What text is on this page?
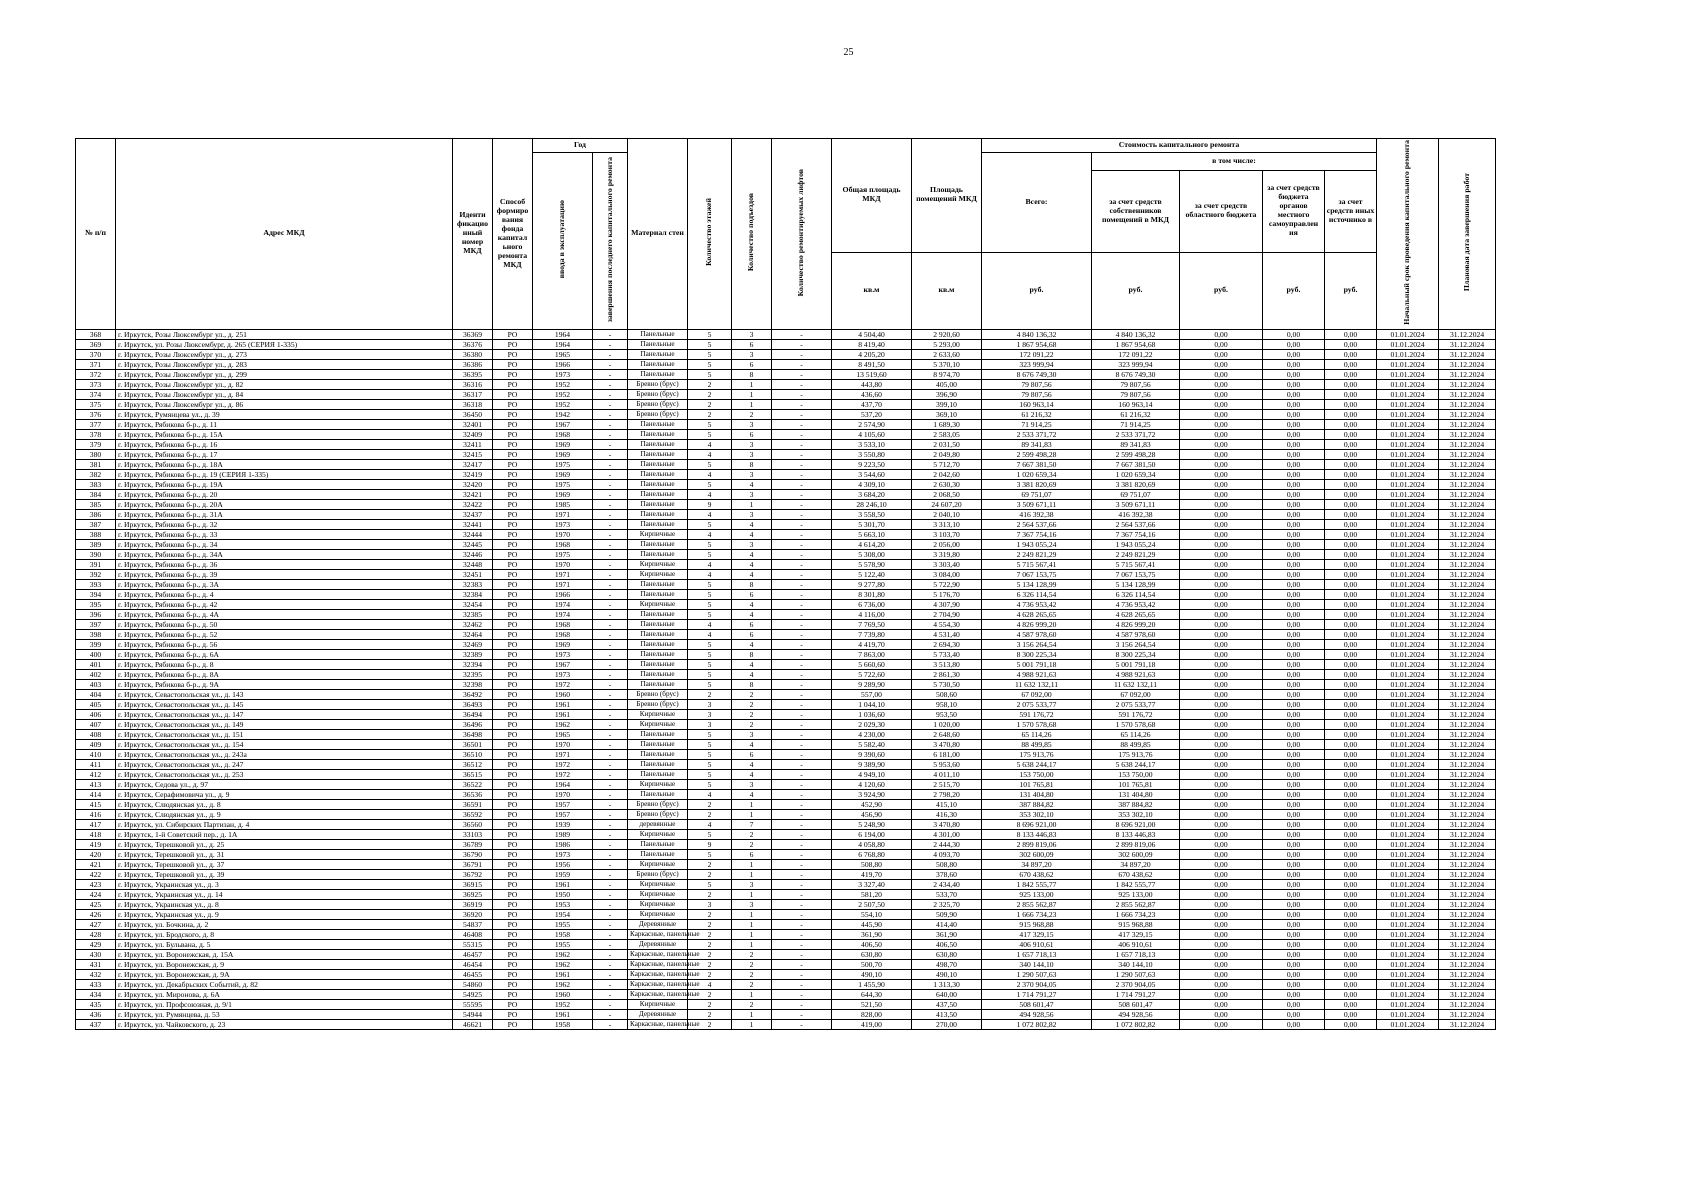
25
№ п/п	Адрес МКД	Иденти фикацио нный номер МКД	Способ формиро вания фонда капитал ьного ремонта МКД	Год		Материал стен	Количество этажей	Количество подъездов	Количество ремонтируемых лифтов	Общая площадь МКД	Площадь помещений МКД	Стоимость капитального ремонта					Начальный срок проведения капитального ремонта	Плановая дата завершения работ
				ввода в эксплуатацию	завершения последнего капитального ремонта							Всего:	в том числе:					
													за счет средств собственников помещений в МКД	за счет средств областного бюджета	за счет средств бюджета органов местного самоуправлен ия	за счет средств иных источнико в		
										кв.м	кв.м	руб.	руб.	руб.	руб.	руб.		
368	г. Иркутск, Розы Люксембург ул., д. 251	36369	РО	1964	-	Панельные	5	3	-	4 504,40	2 920,60	4 840 136,32	4 840 136,32	0,00	0,00	0,00	01.01.2024	31.12.2024
369	г. Иркутск, ул. Розы Люксембург, д. 265 (СЕРИЯ 1-335)	36376	РО	1964	-	Панельные	5	6	-	8 419,40	5 293,00	1 867 954,68	1 867 954,68	0,00	0,00	0,00	01.01.2024	31.12.2024
370	г. Иркутск, Розы Люксембург ул., д. 273	36380	РО	1965	-	Панельные	5	3	-	4 205,20	2 633,60	172 091,22	172 091,22	0,00	0,00	0,00	01.01.2024	31.12.2024
371	г. Иркутск, Розы Люксембург ул., д. 283	36386	РО	1966	-	Панельные	5	6	-	8 491,50	5 370,10	323 999,94	323 999,94	0,00	0,00	0,00	01.01.2024	31.12.2024
372	г. Иркутск, Розы Люксембург ул., д. 299	36395	РО	1973	-	Панельные	5	8	-	13 519,60	8 974,70	8 676 749,30	8 676 749,30	0,00	0,00	0,00	01.01.2024	31.12.2024
373	г. Иркутск, Розы Люксембург ул., д. 82	36316	РО	1952	-	Бревно (брус)	2	1	-	443,80	405,00	79 807,56	79 807,56	0,00	0,00	0,00	01.01.2024	31.12.2024
374	г. Иркутск, Розы Люксембург ул., д. 84	36317	РО	1952	-	Бревно (брус)	2	1	-	436,60	396,90	79 807,56	79 807,56	0,00	0,00	0,00	01.01.2024	31.12.2024
375	г. Иркутск, Розы Люксембург ул., д. 86	36318	РО	1952	-	Бревно (брус)	2	1	-	437,70	399,10	160 963,14	160 963,14	0,00	0,00	0,00	01.01.2024	31.12.2024
376	г. Иркутск, Румянцева ул., д. 39	36450	РО	1942	-	Бревно (брус)	2	2	-	537,20	369,10	61 216,32	61 216,32	0,00	0,00	0,00	01.01.2024	31.12.2024
377	г. Иркутск, Рябикова б-р., д. 11	32401	РО	1967	-	Панельные	5	3	-	2 574,90	1 689,30	71 914,25	71 914,25	0,00	0,00	0,00	01.01.2024	31.12.2024
378	г. Иркутск, Рябикова б-р., д. 15А	32409	РО	1968	-	Панельные	5	6	-	4 105,60	2 583,05	2 533 371,72	2 533 371,72	0,00	0,00	0,00	01.01.2024	31.12.2024
379	г. Иркутск, Рябикова б-р., д. 16	32411	РО	1969	-	Панельные	4	3	-	3 533,10	2 031,50	89 341,83	89 341,83	0,00	0,00	0,00	01.01.2024	31.12.2024
380	г. Иркутск, Рябикова б-р., д. 17	32415	РО	1969	-	Панельные	4	3	-	3 550,80	2 049,80	2 599 498,28	2 599 498,28	0,00	0,00	0,00	01.01.2024	31.12.2024
381	г. Иркутск, Рябикова б-р., д. 18А	32417	РО	1975	-	Панельные	5	8	-	9 223,50	5 712,70	7 667 381,50	7 667 381,50	0,00	0,00	0,00	01.01.2024	31.12.2024
382	г. Иркутск, Рябикова б-р., д. 19 (СЕРИЯ 1-335)	32419	РО	1969	-	Панельные	4	3	-	3 544,60	2 042,60	1 020 659,34	1 020 659,34	0,00	0,00	0,00	01.01.2024	31.12.2024
383	г. Иркутск, Рябикова б-р., д. 19А	32420	РО	1975	-	Панельные	5	4	-	4 309,10	2 630,30	3 381 820,69	3 381 820,69	0,00	0,00	0,00	01.01.2024	31.12.2024
384	г. Иркутск, Рябикова б-р., д. 20	32421	РО	1969	-	Панельные	4	3	-	3 684,20	2 068,50	69 751,07	69 751,07	0,00	0,00	0,00	01.01.2024	31.12.2024
385	г. Иркутск, Рябикова б-р., д. 20А	32422	РО	1985	-	Панельные	9	1	-	28 246,10	24 607,20	3 509 671,11	3 509 671,11	0,00	0,00	0,00	01.01.2024	31.12.2024
386	г. Иркутск, Рябикова б-р., д. 31А	32437	РО	1971	-	Панельные	4	3	-	3 558,50	2 040,10	416 392,38	416 392,38	0,00	0,00	0,00	01.01.2024	31.12.2024
387	г. Иркутск, Рябикова б-р., д. 32	32441	РО	1973	-	Панельные	5	4	-	5 301,70	3 313,10	2 564 537,66	2 564 537,66	0,00	0,00	0,00	01.01.2024	31.12.2024
388	г. Иркутск, Рябикова б-р., д. 33	32444	РО	1970	-	Кирпичные	4	4	-	5 663,10	3 103,70	7 367 754,16	7 367 754,16	0,00	0,00	0,00	01.01.2024	31.12.2024
389	г. Иркутск, Рябикова б-р., д. 34	32445	РО	1968	-	Панельные	5	3	-	4 614,20	2 056,00	1 943 055,24	1 943 055,24	0,00	0,00	0,00	01.01.2024	31.12.2024
390	г. Иркутск, Рябикова б-р., д. 34А	32446	РО	1975	-	Панельные	5	4	-	5 308,00	3 319,80	2 249 821,29	2 249 821,29	0,00	0,00	0,00	01.01.2024	31.12.2024
391	г. Иркутск, Рябикова б-р., д. 36	32448	РО	1970	-	Кирпичные	4	4	-	5 578,90	3 303,40	5 715 567,41	5 715 567,41	0,00	0,00	0,00	01.01.2024	31.12.2024
392	г. Иркутск, Рябикова б-р., д. 39	32451	РО	1971	-	Кирпичные	4	4	-	5 122,40	3 084,00	7 067 153,75	7 067 153,75	0,00	0,00	0,00	01.01.2024	31.12.2024
393	г. Иркутск, Рябикова б-р., д. 3А	32383	РО	1971	-	Панельные	5	8	-	9 277,80	5 722,90	5 134 128,99	5 134 128,99	0,00	0,00	0,00	01.01.2024	31.12.2024
394	г. Иркутск, Рябикова б-р., д. 4	32384	РО	1966	-	Панельные	5	6	-	8 301,80	5 176,70	6 326 114,54	6 326 114,54	0,00	0,00	0,00	01.01.2024	31.12.2024
395	г. Иркутск, Рябикова б-р., д. 42	32454	РО	1974	-	Кирпичные	5	4	-	6 736,00	4 307,90	4 736 953,42	4 736 953,42	0,00	0,00	0,00	01.01.2024	31.12.2024
396	г. Иркутск, Рябикова б-р., д. 4А	32385	РО	1974	-	Панельные	5	4	-	4 116,00	2 704,90	4 628 265,65	4 628 265,65	0,00	0,00	0,00	01.01.2024	31.12.2024
397	г. Иркутск, Рябикова б-р., д. 50	32462	РО	1968	-	Панельные	4	6	-	7 769,50	4 554,30	4 826 999,20	4 826 999,20	0,00	0,00	0,00	01.01.2024	31.12.2024
398	г. Иркутск, Рябикова б-р., д. 52	32464	РО	1968	-	Панельные	4	6	-	7 739,80	4 531,40	4 587 978,60	4 587 978,60	0,00	0,00	0,00	01.01.2024	31.12.2024
399	г. Иркутск, Рябикова б-р., д. 56	32469	РО	1969	-	Панельные	5	4	-	4 419,70	2 694,30	3 156 264,54	3 156 264,54	0,00	0,00	0,00	01.01.2024	31.12.2024
400	г. Иркутск, Рябикова б-р., д. 6А	32389	РО	1973	-	Панельные	5	8	-	7 863,00	5 733,40	8 300 225,34	8 300 225,34	0,00	0,00	0,00	01.01.2024	31.12.2024
401	г. Иркутск, Рябикова б-р., д. 8	32394	РО	1967	-	Панельные	5	4	-	5 660,60	3 513,80	5 001 791,18	5 001 791,18	0,00	0,00	0,00	01.01.2024	31.12.2024
402	г. Иркутск, Рябикова б-р., д. 8А	32395	РО	1973	-	Панельные	5	4	-	5 722,60	2 861,30	4 988 921,63	4 988 921,63	0,00	0,00	0,00	01.01.2024	31.12.2024
403	г. Иркутск, Рябикова б-р., д. 9А	32398	РО	1972	-	Панельные	5	8	-	9 289,90	5 730,50	11 632 132,11	11 632 132,11	0,00	0,00	0,00	01.01.2024	31.12.2024
404	г. Иркутск, Севастопольская ул., д. 143	36492	РО	1960	-	Бревно (брус)	2	2	-	557,00	508,60	67 092,00	67 092,00	0,00	0,00	0,00	01.01.2024	31.12.2024
405	г. Иркутск, Севастопольская ул., д. 145	36493	РО	1961	-	Бревно (брус)	3	2	-	1 044,10	958,10	2 075 533,77	2 075 533,77	0,00	0,00	0,00	01.01.2024	31.12.2024
406	г. Иркутск, Севастопольская ул., д. 147	36494	РО	1961	-	Кирпичные	3	2	-	1 036,60	953,50	591 176,72	591 176,72	0,00	0,00	0,00	01.01.2024	31.12.2024
407	г. Иркутск, Севастопольская ул., д. 149	36496	РО	1962	-	Кирпичные	3	2	-	2 029,30	1 020,00	1 570 578,68	1 570 578,68	0,00	0,00	0,00	01.01.2024	31.12.2024
408	г. Иркутск, Севастопольская ул., д. 151	36498	РО	1965	-	Панельные	5	3	-	4 230,00	2 648,60	65 114,26	65 114,26	0,00	0,00	0,00	01.01.2024	31.12.2024
409	г. Иркутск, Севастопольская ул., д. 154	36501	РО	1970	-	Панельные	5	4	-	5 582,40	3 470,80	88 499,85	88 499,85	0,00	0,00	0,00	01.01.2024	31.12.2024
410	г. Иркутск, Севастопольская ул., д. 243а	36510	РО	1971	-	Панельные	5	6	-	9 390,60	6 181,00	175 913,76	175 913,76	0,00	0,00	0,00	01.01.2024	31.12.2024
411	г. Иркутск, Севастопольская ул., д. 247	36512	РО	1972	-	Панельные	5	4	-	9 389,90	5 953,60	5 638 244,17	5 638 244,17	0,00	0,00	0,00	01.01.2024	31.12.2024
412	г. Иркутск, Севастопольская ул., д. 253	36515	РО	1972	-	Панельные	5	4	-	4 949,10	4 011,10	153 750,00	153 750,00	0,00	0,00	0,00	01.01.2024	31.12.2024
413	г. Иркутск, Седова ул., д. 97	36522	РО	1964	-	Кирпичные	5	3	-	4 120,60	2 515,70	101 765,81	101 765,81	0,00	0,00	0,00	01.01.2024	31.12.2024
414	г. Иркутск, Серафимовича ул., д. 9	36536	РО	1970	-	Панельные	4	4	-	3 924,90	2 798,20	131 404,80	131 404,80	0,00	0,00	0,00	01.01.2024	31.12.2024
415	г. Иркутск, Слюдянская ул., д. 8	36591	РО	1957	-	Бревно (брус)	2	1	-	452,90	415,10	387 884,82	387 884,82	0,00	0,00	0,00	01.01.2024	31.12.2024
416	г. Иркутск, Слюдянская ул., д. 9	36592	РО	1957	-	Бревно (брус)	2	1	-	456,90	416,30	353 302,10	353 302,10	0,00	0,00	0,00	01.01.2024	31.12.2024
417	г. Иркутск, ул. Сибирских Партизан, д. 4	36560	РО	1939	-	деревянные	4	7	-	5 248,90	3 470,80	8 696 921,00	8 696 921,00	0,00	0,00	0,00	01.01.2024	31.12.2024
418	г. Иркутск, 1-й Советский пер., д. 1А	33103	РО	1989	-	Кирпичные	5	2	-	6 194,00	4 301,00	8 133 446,83	8 133 446,83	0,00	0,00	0,00	01.01.2024	31.12.2024
419	г. Иркутск, Терешковой ул., д. 25	36789	РО	1986	-	Панельные	9	2	-	4 058,80	2 444,30	2 899 819,06	2 899 819,06	0,00	0,00	0,00	01.01.2024	31.12.2024
420	г. Иркутск, Терешковой ул., д. 31	36790	РО	1973	-	Панельные	5	6	-	6 768,80	4 093,70	302 600,09	302 600,09	0,00	0,00	0,00	01.01.2024	31.12.2024
421	г. Иркутск, Терешковой ул., д. 37	36791	РО	1956	-	Кирпичные	2	1	-	508,80	508,80	34 897,20	34 897,20	0,00	0,00	0,00	01.01.2024	31.12.2024
422	г. Иркутск, Терешковой ул., д. 39	36792	РО	1959	-	Бревно (брус)	2	1	-	419,70	378,60	670 438,62	670 438,62	0,00	0,00	0,00	01.01.2024	31.12.2024
423	г. Иркутск, Украинская ул., д. 3	36915	РО	1961	-	Кирпичные	5	3	-	3 327,40	2 434,40	1 842 555,77	1 842 555,77	0,00	0,00	0,00	01.01.2024	31.12.2024
424	г. Иркутск, Украинская ул., д. 14	36925	РО	1950	-	Кирпичные	2	1	-	581,20	533,70	925 133,00	925 133,00	0,00	0,00	0,00	01.01.2024	31.12.2024
425	г. Иркутск, Украинская ул., д. 8	36919	РО	1953	-	Кирпичные	3	3	-	2 507,50	2 325,70	2 855 562,87	2 855 562,87	0,00	0,00	0,00	01.01.2024	31.12.2024
426	г. Иркутск, Украинская ул., д. 9	36920	РО	1954	-	Кирпичные	2	1	-	554,10	509,90	1 666 734,23	1 666 734,23	0,00	0,00	0,00	01.01.2024	31.12.2024
427	г. Иркутск, ул. Бочкина, д. 2	54837	РО	1955	-	Деревянные	2	1	-	445,90	414,40	915 968,88	915 968,88	0,00	0,00	0,00	01.01.2024	31.12.2024
428	г. Иркутск, ул. Бродского, д. 8	46408	РО	1958	-	Каркасные, панельные	2	1	-	361,90	361,90	417 329,15	417 329,15	0,00	0,00	0,00	01.01.2024	31.12.2024
429	г. Иркутск, ул. Бульвана, д. 5	55315	РО	1955	-	Деревянные	2	1	-	406,50	406,50	406 910,61	406 910,61	0,00	0,00	0,00	01.01.2024	31.12.2024
430	г. Иркутск, ул. Воронежская, д. 15А	46457	РО	1962	-	Каркасные, панельные	2	2	-	630,80	630,80	1 657 718,13	1 657 718,13	0,00	0,00	0,00	01.01.2024	31.12.2024
431	г. Иркутск, ул. Воронежская, д. 9	46454	РО	1962	-	Каркасные, панельные	2	2	-	500,70	498,70	340 144,10	340 144,10	0,00	0,00	0,00	01.01.2024	31.12.2024
432	г. Иркутск, ул. Воронежская, д. 9А	46455	РО	1961	-	Каркасные, панельные	2	2	-	490,10	490,10	1 290 507,63	1 290 507,63	0,00	0,00	0,00	01.01.2024	31.12.2024
433	г. Иркутск, ул. Декабрьских Событий, д. 82	54860	РО	1962	-	Каркасные, панельные	4	2	-	1 455,90	1 313,30	2 370 904,05	2 370 904,05	0,00	0,00	0,00	01.01.2024	31.12.2024
434	г. Иркутск, ул. Миронова, д. 6А	54925	РО	1960	-	Каркасные, панельные	2	1	-	644,30	640,00	1 714 791,27	1 714 791,27	0,00	0,00	0,00	01.01.2024	31.12.2024
435	г. Иркутск, ул. Профсоюзная, д. 9/1	55595	РО	1952	-	Кирпичные	2	2	-	521,50	437,50	508 601,47	508 601,47	0,00	0,00	0,00	01.01.2024	31.12.2024
436	г. Иркутск, ул. Румянцева, д. 53	54944	РО	1961	-	Деревянные	2	1	-	828,00	413,50	494 928,56	494 928,56	0,00	0,00	0,00	01.01.2024	31.12.2024
437	г. Иркутск, ул. Чайковского, д. 23	46621	РО	1958	-	Каркасные, панельные	2	1	-	419,00	270,00	1 072 802,82	1 072 802,82	0,00	0,00	0,00	01.01.2024	31.12.2024
